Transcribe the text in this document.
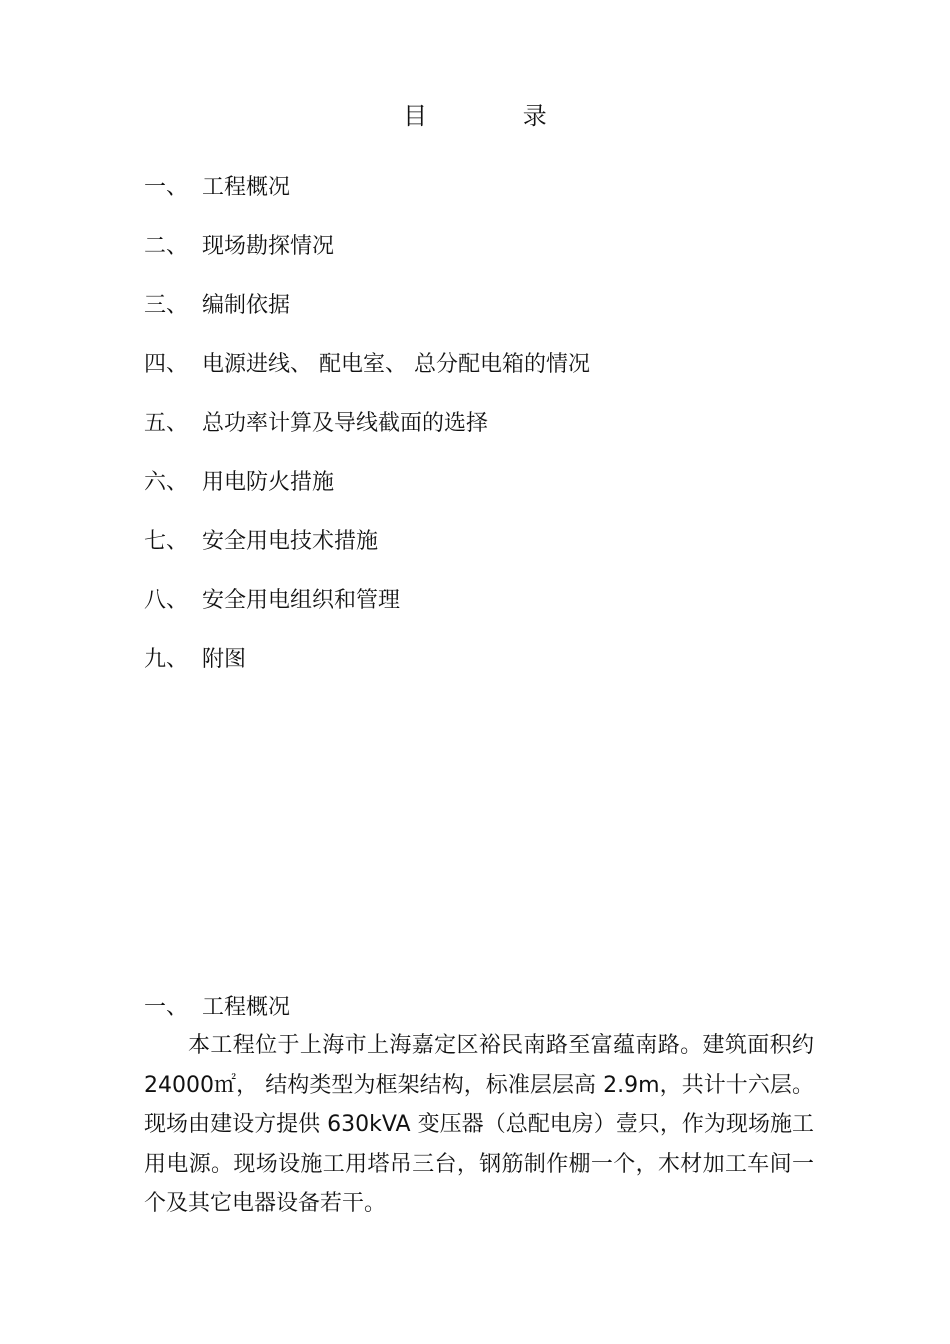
目 录
一、 工程概况
二、 现场勘探情况
三、 编制依据
四、 电源进线、 配电室、 总分配电箱的情况
五、 总功率计算及导线截面的选择
六、 用电防火措施
七、 安全用电技术措施
八、 安全用电组织和管理
九、 附图
一、 工程概况

本工程位于上海市上海嘉定区裕民南路至富蕴南路。建筑面积约 24000㎡， 结构类型为框架结构，标准层层高 2.9m，共计十六层。现场由建设方提供 630kVA 变压器（总配电房）壹只，作为现场施工用电源。现场设施工用塔吊三台，钢筋制作棚一个，木材加工车间一个及其它电器设备若干。
